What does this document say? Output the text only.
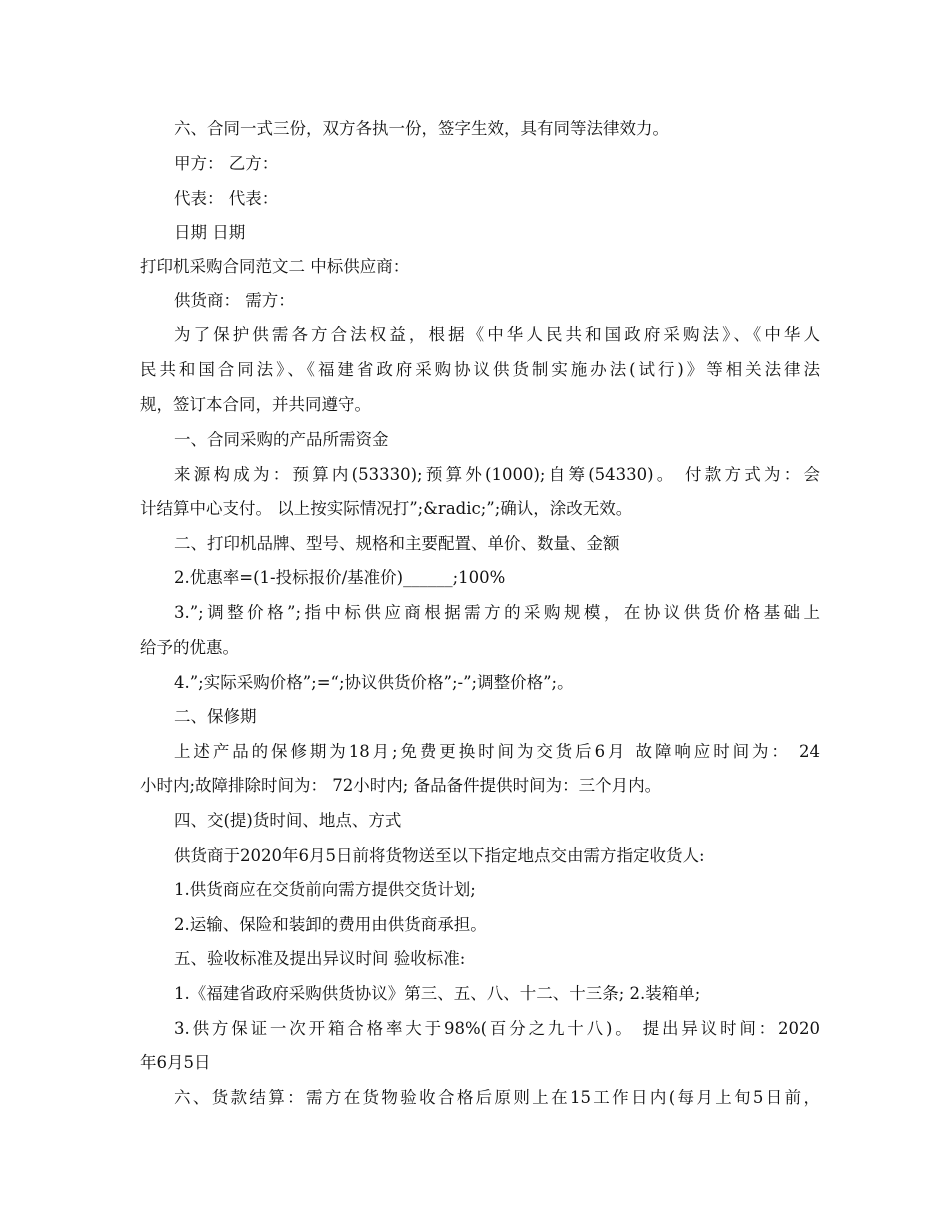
六、合同一式三份，双方各执一份，签字生效，具有同等法律效力。
甲方： 乙方：
代表： 代表：
日期 日期
打印机采购合同范文二 中标供应商：
供货商： 需方：
为了保护供需各方合法权益，根据《中华人民共和国政府采购法》、《中华人
民共和国合同法》、《福建省政府采购协议供货制实施办法(试行)》等相关法律法
规，签订本合同，并共同遵守。
一、合同采购的产品所需资金
来源构成为：预算内(53330);预算外(1000);自筹(54330)。 付款方式为：会
计结算中心支付。 以上按实际情况打”;&radic;”;确认，涂改无效。
二、打印机品牌、型号、规格和主要配置、单价、数量、金额
2.优惠率=(1-投标报价/基准价)______;100%
3.”;调整价格”;指中标供应商根据需方的采购规模，在协议供货价格基础上
给予的优惠。
4.”;实际采购价格”;=“;协议供货价格”;-”;调整价格”;。
二、保修期
上述产品的保修期为18月;免费更换时间为交货后6月 故障响应时间为： 24
小时内;故障排除时间为： 72小时内; 备品备件提供时间为：三个月内。
四、交(提)货时间、地点、方式
供货商于2020年6月5日前将货物送至以下指定地点交由需方指定收货人:
1.供货商应在交货前向需方提供交货计划;
2.运输、保险和装卸的费用由供货商承担。
五、验收标准及提出异议时间 验收标准:
1.《福建省政府采购供货协议》第三、五、八、十二、十三条; 2.装箱单;
3.供方保证一次开箱合格率大于98%(百分之九十八)。 提出异议时间：2020
年6月5日
六、货款结算：需方在货物验收合格后原则上在15工作日内(每月上旬5日前，
